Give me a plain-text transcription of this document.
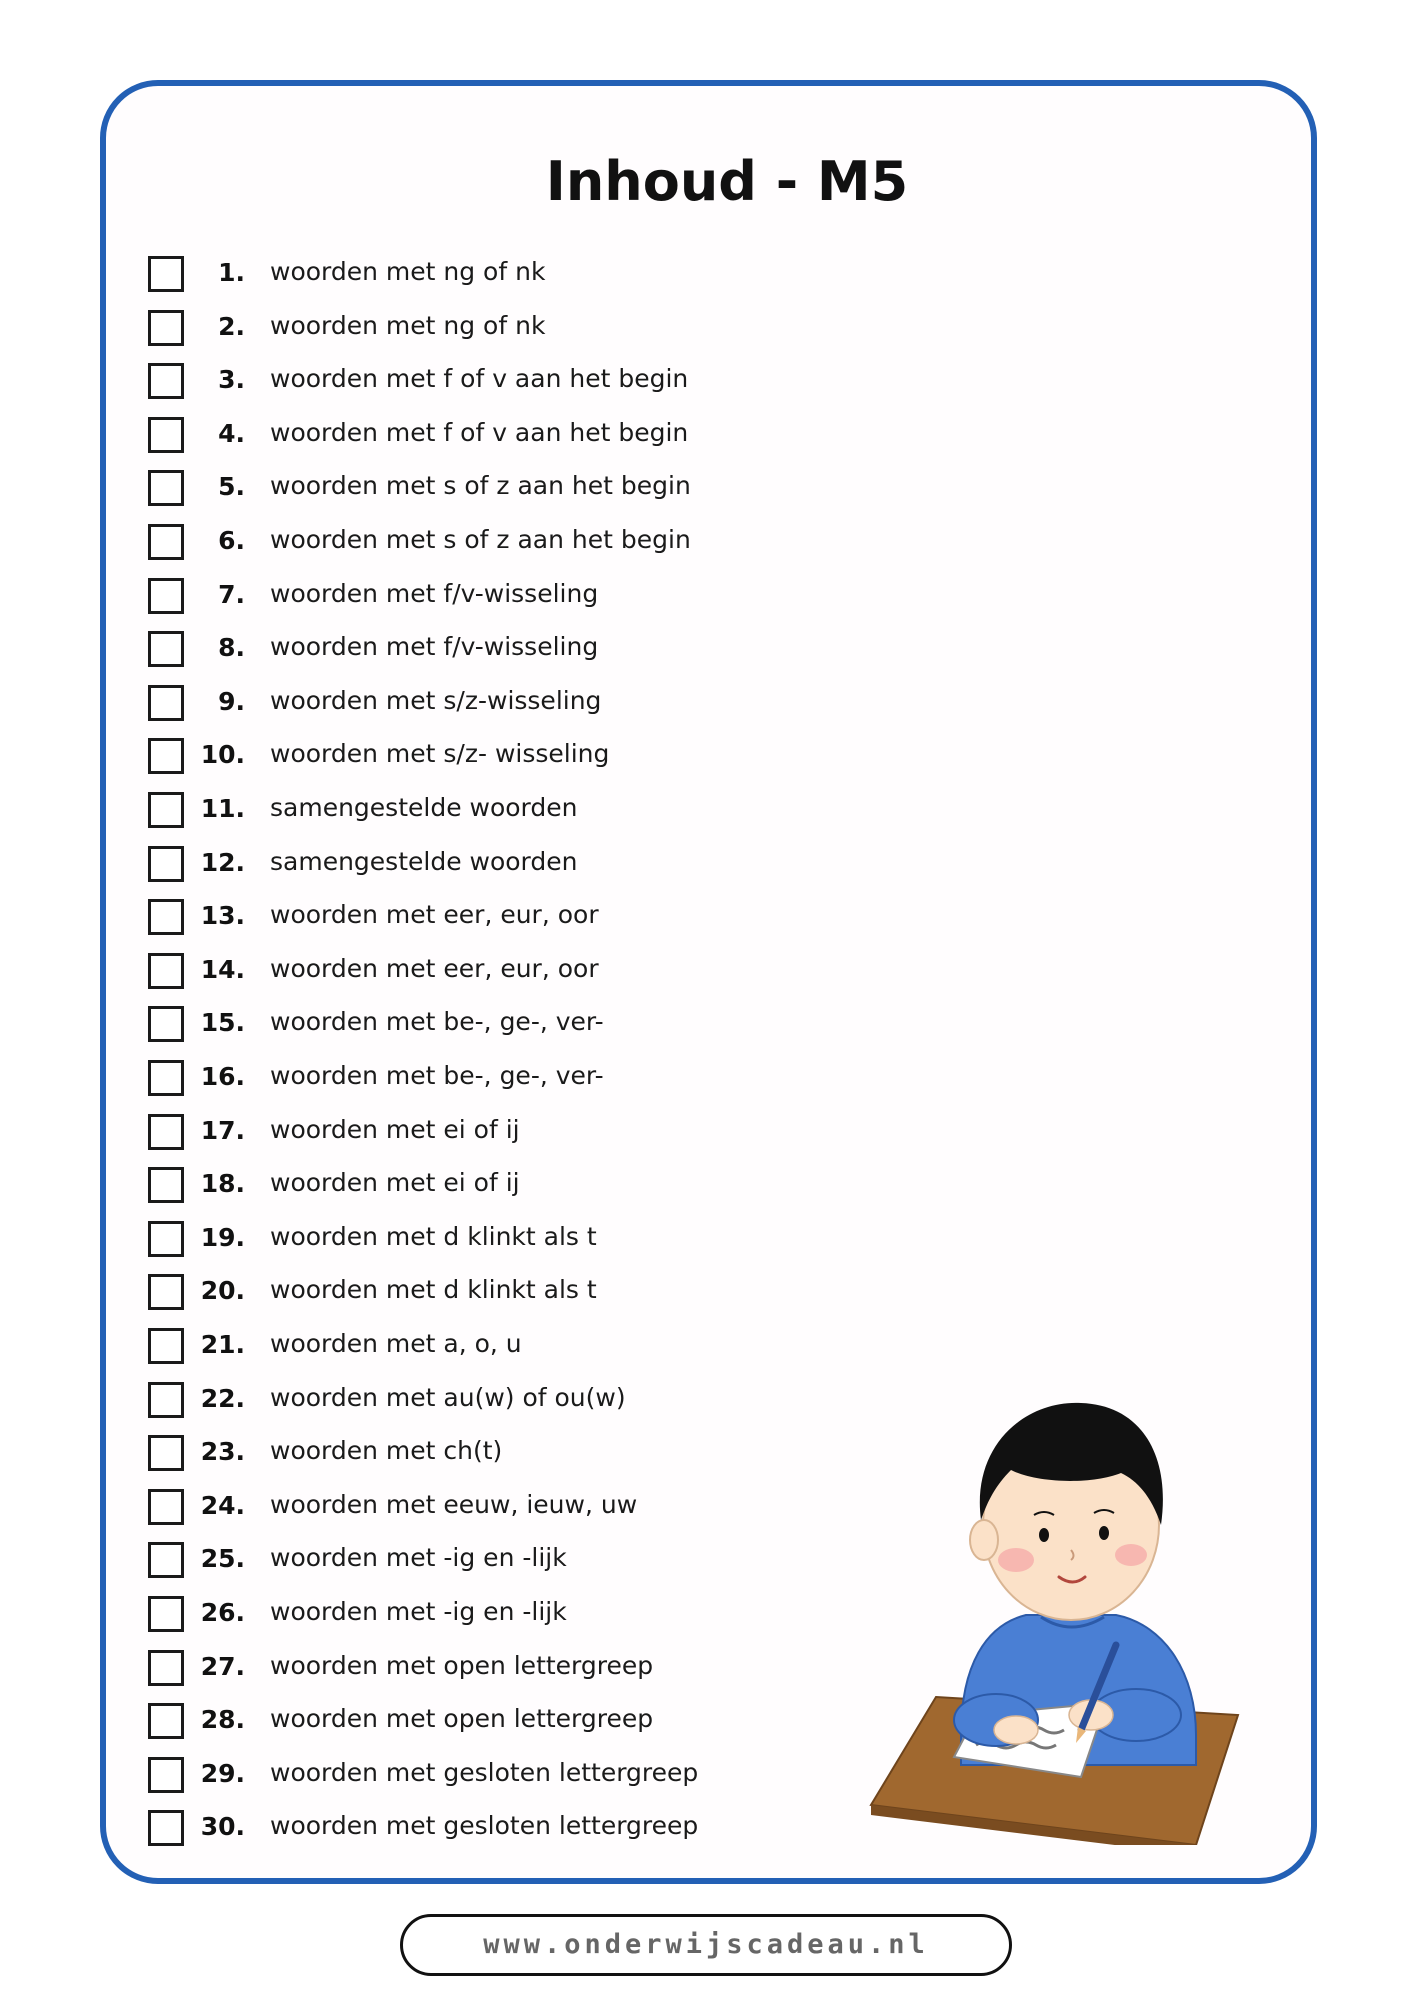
Inhoud - M5
1. woorden met ng of nk
2. woorden met ng of nk
3. woorden met f of v aan het begin
4. woorden met f of v aan het begin
5. woorden met s of z aan het begin
6. woorden met s of z aan het begin
7. woorden met f/v-wisseling
8. woorden met f/v-wisseling
9. woorden met s/z-wisseling
10. woorden met s/z- wisseling
11. samengestelde woorden
12. samengestelde woorden
13. woorden met eer, eur, oor
14. woorden met eer, eur, oor
15. woorden met be-, ge-, ver-
16. woorden met be-, ge-, ver-
17. woorden met ei of ij
18. woorden met ei of ij
19. woorden met d klinkt als t
20. woorden met d klinkt als t
21. woorden met a, o, u
22. woorden met au(w) of ou(w)
23. woorden met ch(t)
24. woorden met eeuw, ieuw, uw
25. woorden met -ig en -lijk
26. woorden met -ig en -lijk
27. woorden met open lettergreep
28. woorden met open lettergreep
29. woorden met gesloten lettergreep
30. woorden met gesloten lettergreep
www.onderwijscadeau.nl
